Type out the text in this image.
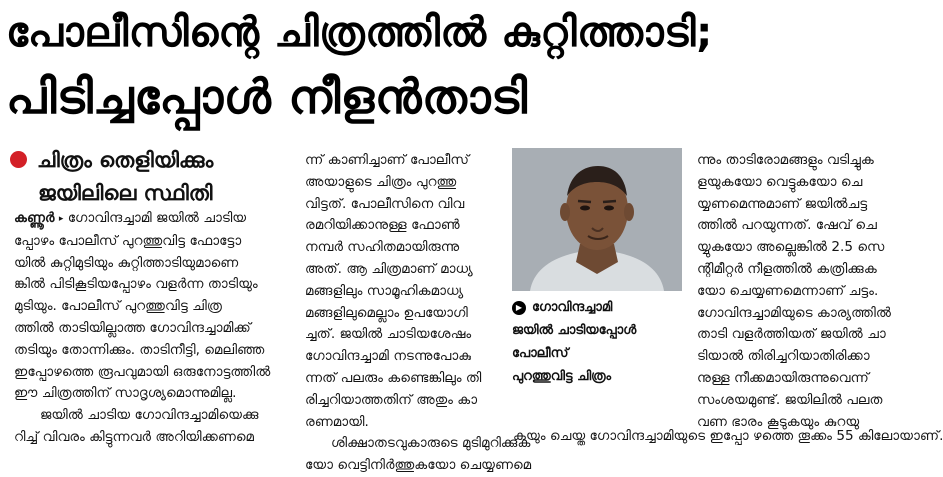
പോലീസിന്റെ ചിത്രത്തിൽ കുറ്റിത്താടി;
പിടിച്ചപ്പോൾ നീളൻതാടി
ചിത്രം തെളിയിക്കും
ജയിലിലെ സ്ഥിതി

കണ്ണൂർ ▸ ഗോവിന്ദച്ചാമി ജയിൽ ചാടിയ

പ്പോഴം പോലീസ് പുറത്തുവിട്ട ഫോട്ടോ

യിൽ കുറ്റിമുടിയും കുറ്റിത്താടിയുമാണെ

ങ്കിൽ പിടികൂടിയപ്പോഴം വളർന്ന താടിയും

മുടിയും. പോലീസ് പുറത്തുവിട്ട ചിത്ര

ത്തിൽ താടിയില്ലാത്ത ഗോവിന്ദച്ചാമിക്ക്

തടിയും തോന്നിക്കും. താടിനീട്ടി, മെലിഞ്ഞ

ഇപ്പോഴത്തെ രൂപവുമായി ഒരുനോട്ടത്തിൽ

ഈ ചിത്രത്തിന് സാദൃശ്യമൊന്നുമില്ല.

ജയിൽ ചാടിയ ഗോവിന്ദച്ചാമിയെക്കു

റിച്ച് വിവരം കിട്ടുന്നവർ അറിയിക്കണമെ

ന്ന് കാണിച്ചാണ് പോലീസ്

അയാളുടെ ചിത്രം പുറത്തു

വിട്ടത്. പോലീസിനെ വിവ

രമറിയിക്കാനുള്ള ഫോൺ

നമ്പർ സഹിതമായിരുന്നു

അത്. ആ ചിത്രമാണ് മാധ്യ

മങ്ങളിലും സാമൂഹികമാധ്യ

മങ്ങളിലുമെല്ലാം ഉപയോഗി

ച്ചത്. ജയിൽ ചാടിയശേഷം

ഗോവിന്ദച്ചാമി നടന്നുപോകു

ന്നത് പലരും കണ്ടെങ്കിലും തി

രിച്ചറിയാത്തതിന് അതും കാ

രണമായി.

ശിക്ഷാതടവുകാരുടെ മുടിമുറിക്കുക

യോ വെട്ടിനിർത്തുകയോ ചെയ്യണമെ

▶ ഗോവിന്ദച്ചാമി
ജയിൽ ചാടിയപ്പോൾ
പോലീസ്
പുറത്തുവിട്ട ചിത്രം

ന്നും താടിരോമങ്ങളും വടിച്ചുക

ളയുകയോ വെട്ടുകയോ ചെ

യ്യണമെന്നുമാണ് ജയിൽചട്ട

ത്തിൽ പറയുന്നത്. ഷേവ് ചെ

യ്യുകയോ അല്ലെങ്കിൽ 2.5 സെ

ന്റിമീറ്റർ നീളത്തിൽ കത്രിക്കുക

യോ ചെയ്യണമെന്നാണ് ചട്ടം.

ഗോവിന്ദച്ചാമിയുടെ കാര്യത്തിൽ

താടി വളർത്തിയത് ജയിൽ ചാ

ടിയാൽ തിരിച്ചറിയാതിരിക്കാ

നുള്ള നീക്കമായിരുന്നുവെന്ന്

സംശയമുണ്ട്. ജയിലിൽ പലത

വണ ഭാരം കൂടുകയും കുറയു

കയും ചെയ്ത ഗോവിന്ദച്ചാമിയുടെ ഇപ്പോ ഴത്തെ തൂക്കം 55 കിലോയാണ്.
